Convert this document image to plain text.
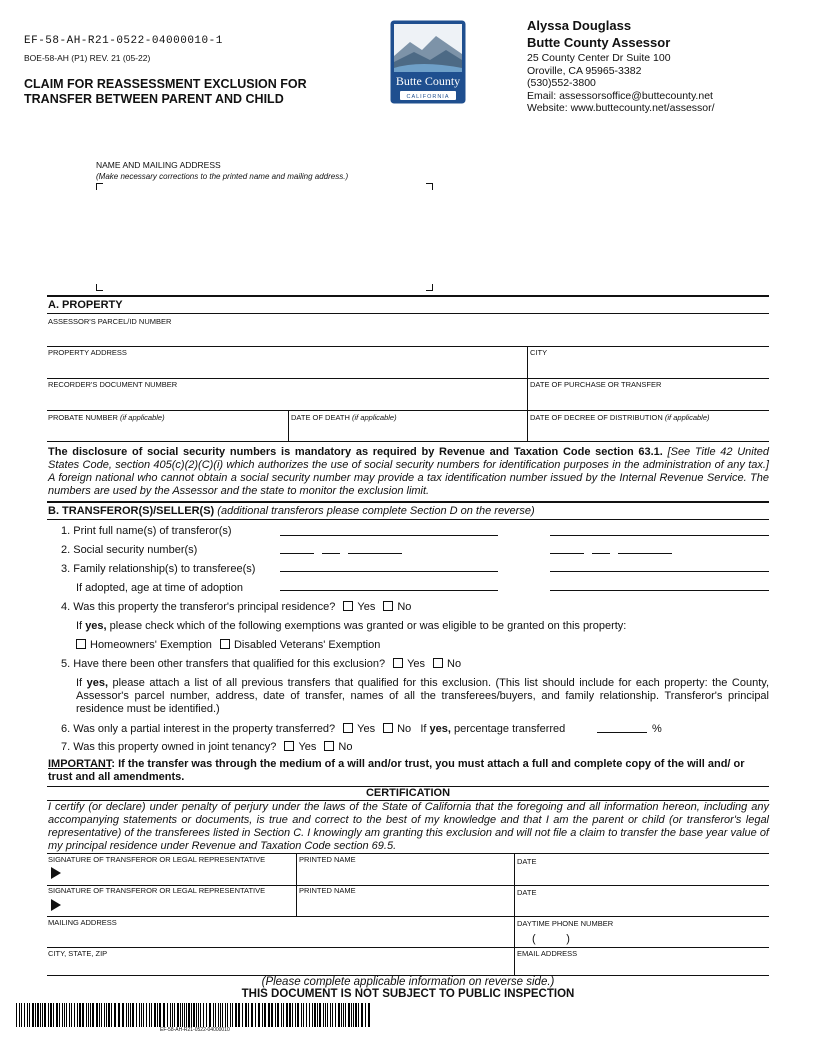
EF-58-AH-R21-0522-04000010-1
BOE-58-AH (P1) REV. 21 (05-22)
CLAIM FOR REASSESSMENT EXCLUSION FOR
TRANSFER BETWEEN PARENT AND CHILD
Butte County
CALIFORNIA
Alyssa Douglass
Butte County Assessor
25 County Center Dr Suite 100
Oroville, CA 95965-3382
(530)552-3800
Email: assessorsoffice@buttecounty.net
Website: www.buttecounty.net/assessor/
NAME AND MAILING ADDRESS
(Make necessary corrections to the printed name and mailing address.)
A. PROPERTY
ASSESSOR'S PARCEL/ID NUMBER
PROPERTY ADDRESS	CITY
RECORDER'S DOCUMENT NUMBER	DATE OF PURCHASE OR TRANSFER
PROBATE NUMBER (if applicable)	DATE OF DEATH (if applicable)	DATE OF DECREE OF DISTRIBUTION (if applicable)
The disclosure of social security numbers is mandatory as required by Revenue and Taxation Code section 63.1. [See Title 42 United States Code, section 405(c)(2)(C)(i) which authorizes the use of social security numbers for identification purposes in the administration of any tax.] A foreign national who cannot obtain a social security number may provide a tax identification number issued by the Internal Revenue Service. The numbers are used by the Assessor and the state to monitor the exclusion limit.
B. TRANSFEROR(S)/SELLER(S) (additional transferors please complete Section D on the reverse)
1. Print full name(s) of transferor(s)
2. Social security number(s)
3. Family relationship(s) to transferee(s)
If adopted, age at time of adoption
4. Was this property the transferor's principal residence? Yes No
If yes, please check which of the following exemptions was granted or was eligible to be granted on this property:
Homeowners' Exemption Disabled Veterans' Exemption
5. Have there been other transfers that qualified for this exclusion? Yes No
If yes, please attach a list of all previous transfers that qualified for this exclusion. (This list should include for each property: the County, Assessor's parcel number, address, date of transfer, names of all the transferees/buyers, and family relationship. Transferor's principal residence must be identified.)
6. Was only a partial interest in the property transferred? Yes No If yes, percentage transferred	%
7. Was this property owned in joint tenancy? Yes No
IMPORTANT: If the transfer was through the medium of a will and/or trust, you must attach a full and complete copy of the will and/ or trust and all amendments.
CERTIFICATION
I certify (or declare) under penalty of perjury under the laws of the State of California that the foregoing and all information hereon, including any accompanying statements or documents, is true and correct to the best of my knowledge and that I am the parent or child (or transferor's legal representative) of the transferees listed in Section C. I knowingly am granting this exclusion and will not file a claim to transfer the base year value of my principal residence under Revenue and Taxation Code section 69.5.
SIGNATURE OF TRANSFEROR OR LEGAL REPRESENTATIVE	PRINTED NAME	DATE
SIGNATURE OF TRANSFEROR OR LEGAL REPRESENTATIVE	PRINTED NAME	DATE
MAILING ADDRESS	DAYTIME PHONE NUMBER
(          )
CITY, STATE, ZIP	EMAIL ADDRESS
(Please complete applicable information on reverse side.)
THIS DOCUMENT IS NOT SUBJECT TO PUBLIC INSPECTION
EF-58-AH-R21-0522-04000010
